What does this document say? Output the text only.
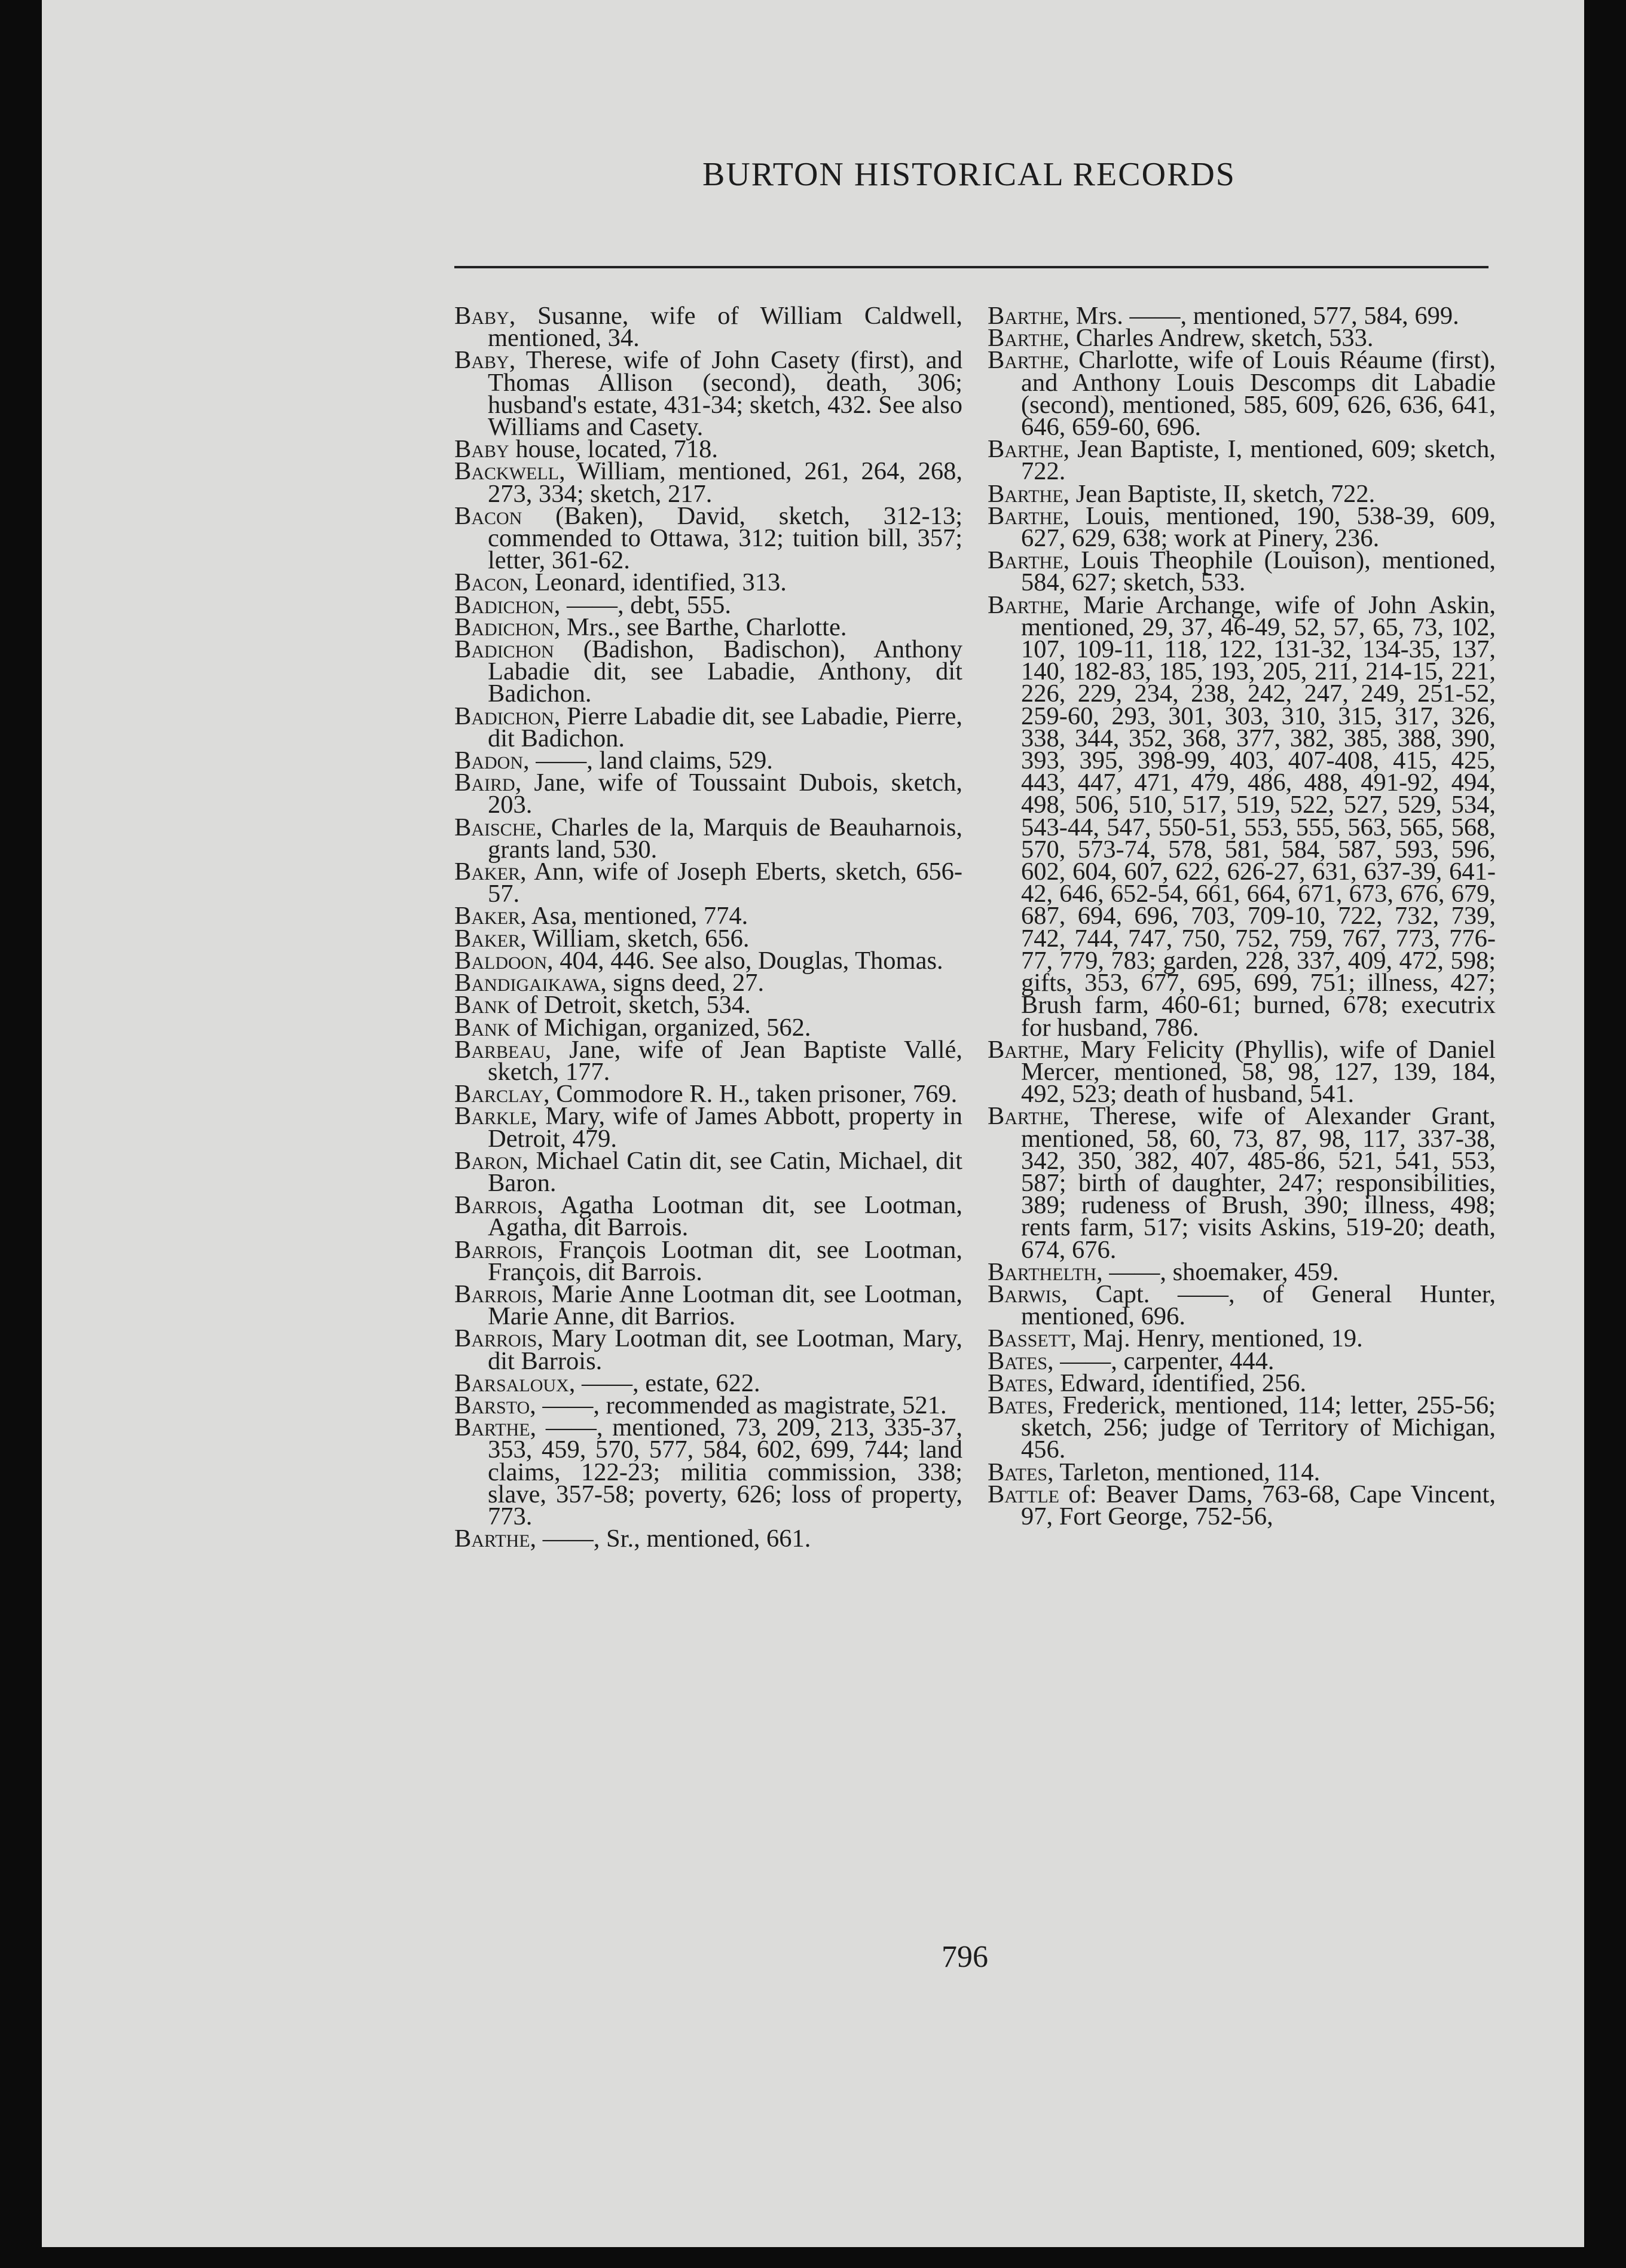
BURTON HISTORICAL RECORDS

Baby, Susanne, wife of William Caldwell, mentioned, 34.

Baby, Therese, wife of John Casety (first), and Thomas Allison (second), death, 306; husband's estate, 431-34; sketch, 432. See also Williams and Casety.

Baby house, located, 718.

Backwell, William, mentioned, 261, 264, 268, 273, 334; sketch, 217.

Bacon (Baken), David, sketch, 312-13; commended to Ottawa, 312; tuition bill, 357; letter, 361-62.

Bacon, Leonard, identified, 313.

Badichon, ——, debt, 555.

Badichon, Mrs., see Barthe, Charlotte.

Badichon (Badishon, Badischon), Anthony Labadie dit, see Labadie, Anthony, dit Badichon.

Badichon, Pierre Labadie dit, see Labadie, Pierre, dit Badichon.

Badon, ——, land claims, 529.

Baird, Jane, wife of Toussaint Dubois, sketch, 203.

Baische, Charles de la, Marquis de Beauharnois, grants land, 530.

Baker, Ann, wife of Joseph Eberts, sketch, 656-57.

Baker, Asa, mentioned, 774.

Baker, William, sketch, 656.

Baldoon, 404, 446. See also, Douglas, Thomas.

Bandigaikawa, signs deed, 27.

Bank of Detroit, sketch, 534.

Bank of Michigan, organized, 562.

Barbeau, Jane, wife of Jean Baptiste Vallé, sketch, 177.

Barclay, Commodore R. H., taken prisoner, 769.

Barkle, Mary, wife of James Abbott, property in Detroit, 479.

Baron, Michael Catin dit, see Catin, Michael, dit Baron.

Barrois, Agatha Lootman dit, see Lootman, Agatha, dit Barrois.

Barrois, François Lootman dit, see Lootman, François, dit Barrois.

Barrois, Marie Anne Lootman dit, see Lootman, Marie Anne, dit Barrios.

Barrois, Mary Lootman dit, see Lootman, Mary, dit Barrois.

Barsaloux, ——, estate, 622.

Barsto, ——, recommended as magistrate, 521.

Barthe, ——, mentioned, 73, 209, 213, 335-37, 353, 459, 570, 577, 584, 602, 699, 744; land claims, 122-23; militia commission, 338; slave, 357-58; poverty, 626; loss of property, 773.

Barthe, ——, Sr., mentioned, 661.

Barthe, Mrs. ——, mentioned, 577, 584, 699.

Barthe, Charles Andrew, sketch, 533.

Barthe, Charlotte, wife of Louis Réaume (first), and Anthony Louis Descomps dit Labadie (second), mentioned, 585, 609, 626, 636, 641, 646, 659-60, 696.

Barthe, Jean Baptiste, I, mentioned, 609; sketch, 722.

Barthe, Jean Baptiste, II, sketch, 722.

Barthe, Louis, mentioned, 190, 538-39, 609, 627, 629, 638; work at Pinery, 236.

Barthe, Louis Theophile (Louison), mentioned, 584, 627; sketch, 533.

Barthe, Marie Archange, wife of John Askin, mentioned, 29, 37, 46-49, 52, 57, 65, 73, 102, 107, 109-11, 118, 122, 131-32, 134-35, 137, 140, 182-83, 185, 193, 205, 211, 214-15, 221, 226, 229, 234, 238, 242, 247, 249, 251-52, 259-60, 293, 301, 303, 310, 315, 317, 326, 338, 344, 352, 368, 377, 382, 385, 388, 390, 393, 395, 398-99, 403, 407-408, 415, 425, 443, 447, 471, 479, 486, 488, 491-92, 494, 498, 506, 510, 517, 519, 522, 527, 529, 534, 543-44, 547, 550-51, 553, 555, 563, 565, 568, 570, 573-74, 578, 581, 584, 587, 593, 596, 602, 604, 607, 622, 626-27, 631, 637-39, 641-42, 646, 652-54, 661, 664, 671, 673, 676, 679, 687, 694, 696, 703, 709-10, 722, 732, 739, 742, 744, 747, 750, 752, 759, 767, 773, 776-77, 779, 783; garden, 228, 337, 409, 472, 598; gifts, 353, 677, 695, 699, 751; illness, 427; Brush farm, 460-61; burned, 678; executrix for husband, 786.

Barthe, Mary Felicity (Phyllis), wife of Daniel Mercer, mentioned, 58, 98, 127, 139, 184, 492, 523; death of husband, 541.

Barthe, Therese, wife of Alexander Grant, mentioned, 58, 60, 73, 87, 98, 117, 337-38, 342, 350, 382, 407, 485-86, 521, 541, 553, 587; birth of daughter, 247; responsibilities, 389; rudeness of Brush, 390; illness, 498; rents farm, 517; visits Askins, 519-20; death, 674, 676.

Barthelth, ——, shoemaker, 459.

Barwis, Capt. ——, of General Hunter, mentioned, 696.

Bassett, Maj. Henry, mentioned, 19.

Bates, ——, carpenter, 444.

Bates, Edward, identified, 256.

Bates, Frederick, mentioned, 114; letter, 255-56; sketch, 256; judge of Territory of Michigan, 456.

Bates, Tarleton, mentioned, 114.

Battle of: Beaver Dams, 763-68, Cape Vincent, 97, Fort George, 752-56,

796
